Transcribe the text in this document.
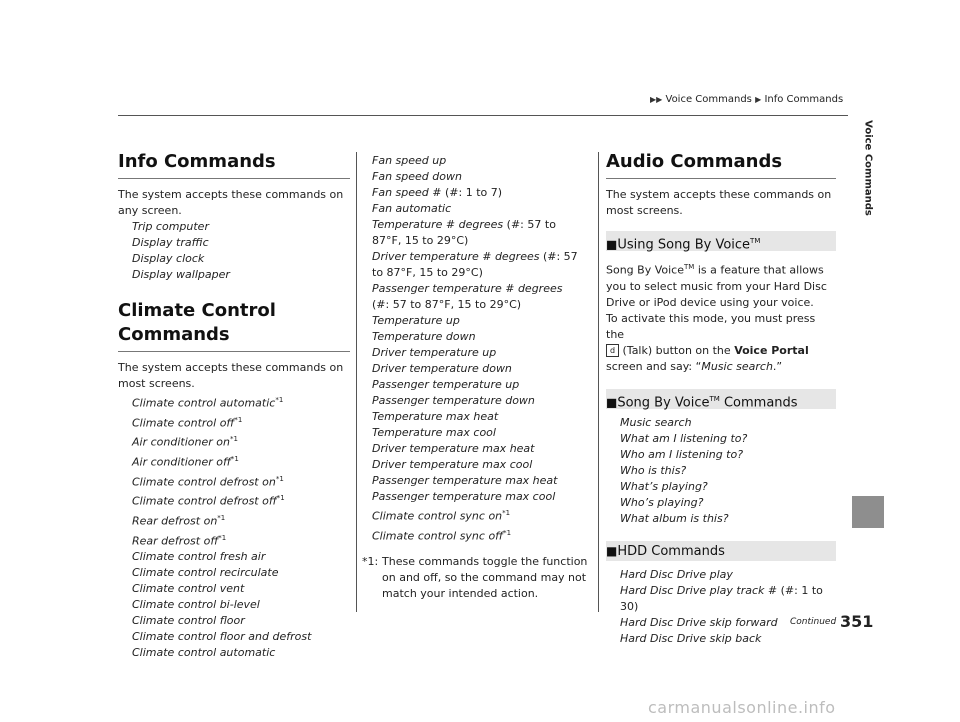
▶▶ Voice Commands ▶ Info Commands
Voice Commands
Info Commands

The system accepts these commands on any screen.

Trip computer
Display traffic
Display clock
Display wallpaper
Climate Control Commands

The system accepts these commands on most screens.

Climate control automatic$^{*1}$
Climate control off$^{*1}$
Air conditioner $on^{*1}$
Air conditioner off$^{*1}$
Climate control defrost $on^{*1}$
Climate control defrost off$^{*1}$
Rear defrost $on^{*1}$
Rear defrost off$^{*1}$
Climate control fresh air
Climate control recirculate
Climate control vent
Climate control bi-level
Climate control floor
Climate control floor and defrost
Climate control automatic
Fan speed up
Fan speed down
Fan speed # (#: 1 to 7)
Fan automatic
Temperature # degrees (#: 57 to 87°F, 15 to 29°C)
Driver temperature # degrees (#: 57 to 87°F, 15 to 29°C)
Passenger temperature # degrees (#: 57 to 87°F, 15 to 29°C)
Temperature up
Temperature down
Driver temperature up
Driver temperature down
Passenger temperature up
Passenger temperature down
Temperature max heat
Temperature max cool
Driver temperature max heat
Driver temperature max cool
Passenger temperature max heat
Passenger temperature max cool
Climate control sync $on^{*1}$
Climate control sync off$^{*1}$
*1: These commands toggle the function on and off, so the command may not match your intended action.
Audio Commands

The system accepts these commands on most screens.

■Using Song By Voice™

Song By Voice™ is a feature that allows you to select music from your Hard Disc Drive or iPod device using your voice.
To activate this mode, you must press the
d (Talk) button on the Voice Portal
screen and say: “Music search.”

■Song By Voice™ Commands
Music search
What am I listening to?
Who am I listening to?
Who is this?
What’s playing?
Who’s playing?
What album is this?
■HDD Commands
Hard Disc Drive play
Hard Disc Drive play track # (#: 1 to 30)
Hard Disc Drive skip forward
Hard Disc Drive skip back
Continued 351
carmanualsonline.info
